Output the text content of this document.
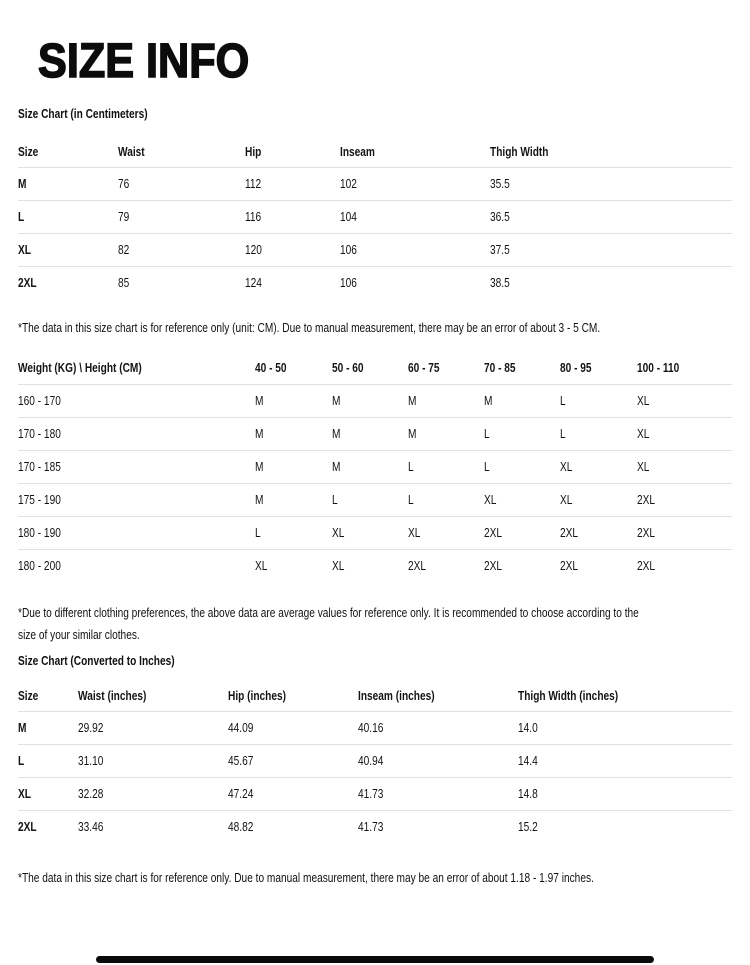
SIZE INFO
Size Chart (in Centimeters)
Size	Waist	Hip	Inseam	Thigh Width
M	76	112	102	35.5
L	79	116	104	36.5
XL	82	120	106	37.5
2XL	85	124	106	38.5

*The data in this size chart is for reference only (unit: CM). Due to manual measurement, there may be an error of about 3 - 5 CM.

Weight (KG) \ Height (CM)	40 - 50	50 - 60	60 - 75	70 - 85	80 - 95	100 - 110
160 - 170	M	M	M	M	L	XL
170 - 180	M	M	M	L	L	XL
170 - 185	M	M	L	L	XL	XL
175 - 190	M	L	L	XL	XL	2XL
180 - 190	L	XL	XL	2XL	2XL	2XL
180 - 200	XL	XL	2XL	2XL	2XL	2XL

*Due to different clothing preferences, the above data are average values for reference only. It is recommended to choose according to the
size of your similar clothes.

Size Chart (Converted to Inches)
Size	Waist (inches)	Hip (inches)	Inseam (inches)	Thigh Width (inches)
M	29.92	44.09	40.16	14.0
L	31.10	45.67	40.94	14.4
XL	32.28	47.24	41.73	14.8
2XL	33.46	48.82	41.73	15.2

*The data in this size chart is for reference only. Due to manual measurement, there may be an error of about 1.18 - 1.97 inches.
